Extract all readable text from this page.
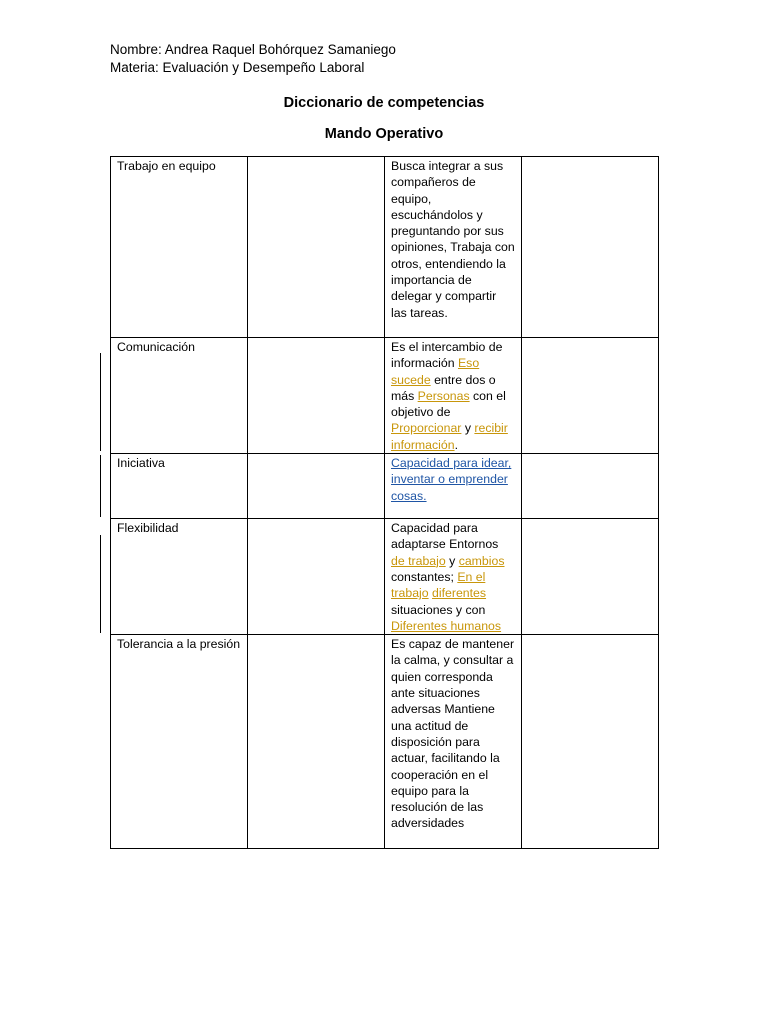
Nombre: Andrea Raquel Bohórquez Samaniego
Materia: Evaluación y Desempeño Laboral
Diccionario de competencias
Mando Operativo
Trabajo en equipo		Busca integrar a sus compañeros de equipo, escuchándolos y preguntando por sus opiniones, Trabaja con otros, entendiendo la importancia de delegar y compartir las tareas.	
Comunicación		Es el intercambio de información Eso sucede entre dos o más Personas con el objetivo de Proporcionar y recibir información.	
Iniciativa		Capacidad para idear, inventar o emprender cosas.	
Flexibilidad		Capacidad para adaptarse Entornos de trabajo y cambios constantes; En el trabajo diferentes situaciones y con Diferentes humanos	
Tolerancia a la presión		Es capaz de mantener la calma, y consultar a quien corresponda ante situaciones adversas Mantiene una actitud de disposición para actuar, facilitando la cooperación en el equipo para la resolución de las adversidades	
